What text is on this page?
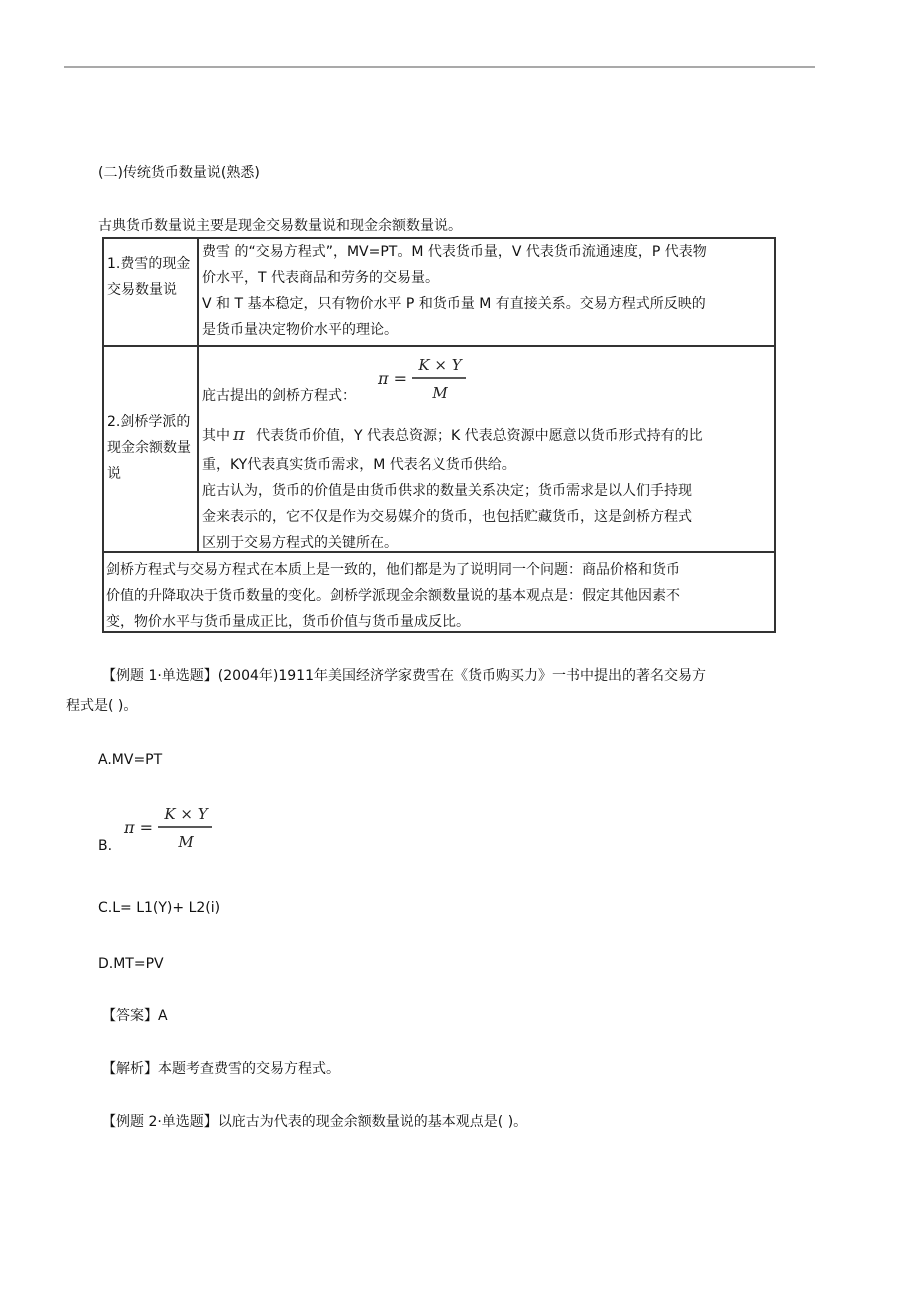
(二)传统货币数量说(熟悉)
古典货币数量说主要是现金交易数量说和现金余额数量说。
1.费雪的现金交易数量说
费雪 的“交易方程式”，MV=PT。M 代表货币量，V 代表货币流通速度，P 代表物
价水平，T 代表商品和劳务的交易量。
V 和 T 基本稳定，只有物价水平 P 和货币量 M 有直接关系。交易方程式所反映的
是货币量决定物价水平的理论。
2.剑桥学派的现金余额数量说
庇古提出的剑桥方程式：
π =
K × Y
M
其中 π 代表货币价值，Y 代表总资源；K 代表总资源中愿意以货币形式持有的比
重，KY代表真实货币需求，M 代表名义货币供给。
庇古认为，货币的价值是由货币供求的数量关系决定；货币需求是以人们手持现
金来表示的，它不仅是作为交易媒介的货币，也包括贮藏货币，这是剑桥方程式
区别于交易方程式的关键所在。
剑桥方程式与交易方程式在本质上是一致的，他们都是为了说明同一个问题：商品价格和货币
价值的升降取决于货币数量的变化。剑桥学派现金余额数量说的基本观点是：假定其他因素不
变，物价水平与货币量成正比，货币价值与货币量成反比。
【例题 1·单选题】(2004年)1911年美国经济学家费雪在《货币购买力》一书中提出的著名交易方
程式是( )。
A.MV=PT
B.
π =
K × Y
M
C.L= L1(Y)+ L2(i)
D.MT=PV
【答案】A
【解析】本题考查费雪的交易方程式。
【例题 2·单选题】以庇古为代表的现金余额数量说的基本观点是( )。
